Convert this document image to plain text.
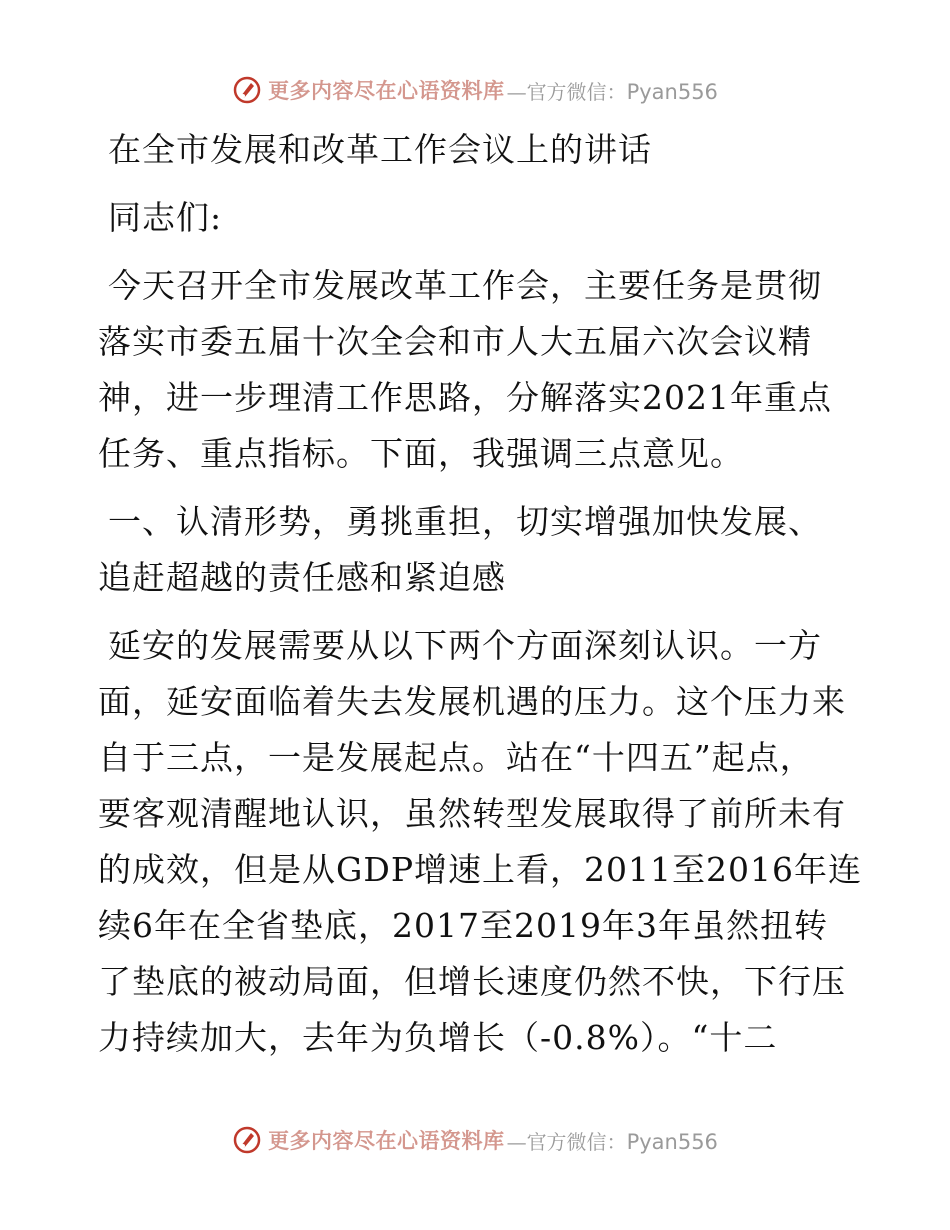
更多内容尽在心语资料库 —官方微信：Pyan556
在全市发展和改革工作会议上的讲话
同志们:
今天召开全市发展改革工作会，主要任务是贯彻
落实市委五届十次全会和市人大五届六次会议精
神，进一步理清工作思路，分解落实2021年重点
任务、重点指标。下面，我强调三点意见。
一、认清形势，勇挑重担，切实增强加快发展、
追赶超越的责任感和紧迫感
延安的发展需要从以下两个方面深刻认识。一方
面，延安面临着失去发展机遇的压力。这个压力来
自于三点，一是发展起点。站在“十四五”起点，
要客观清醒地认识，虽然转型发展取得了前所未有
的成效，但是从GDP增速上看，2011至2016年连
续6年在全省垫底，2017至2019年3年虽然扭转
了垫底的被动局面，但增长速度仍然不快，下行压
力持续加大，去年为负增长（-0.8%）。“十二
更多内容尽在心语资料库 —官方微信：Pyan556
